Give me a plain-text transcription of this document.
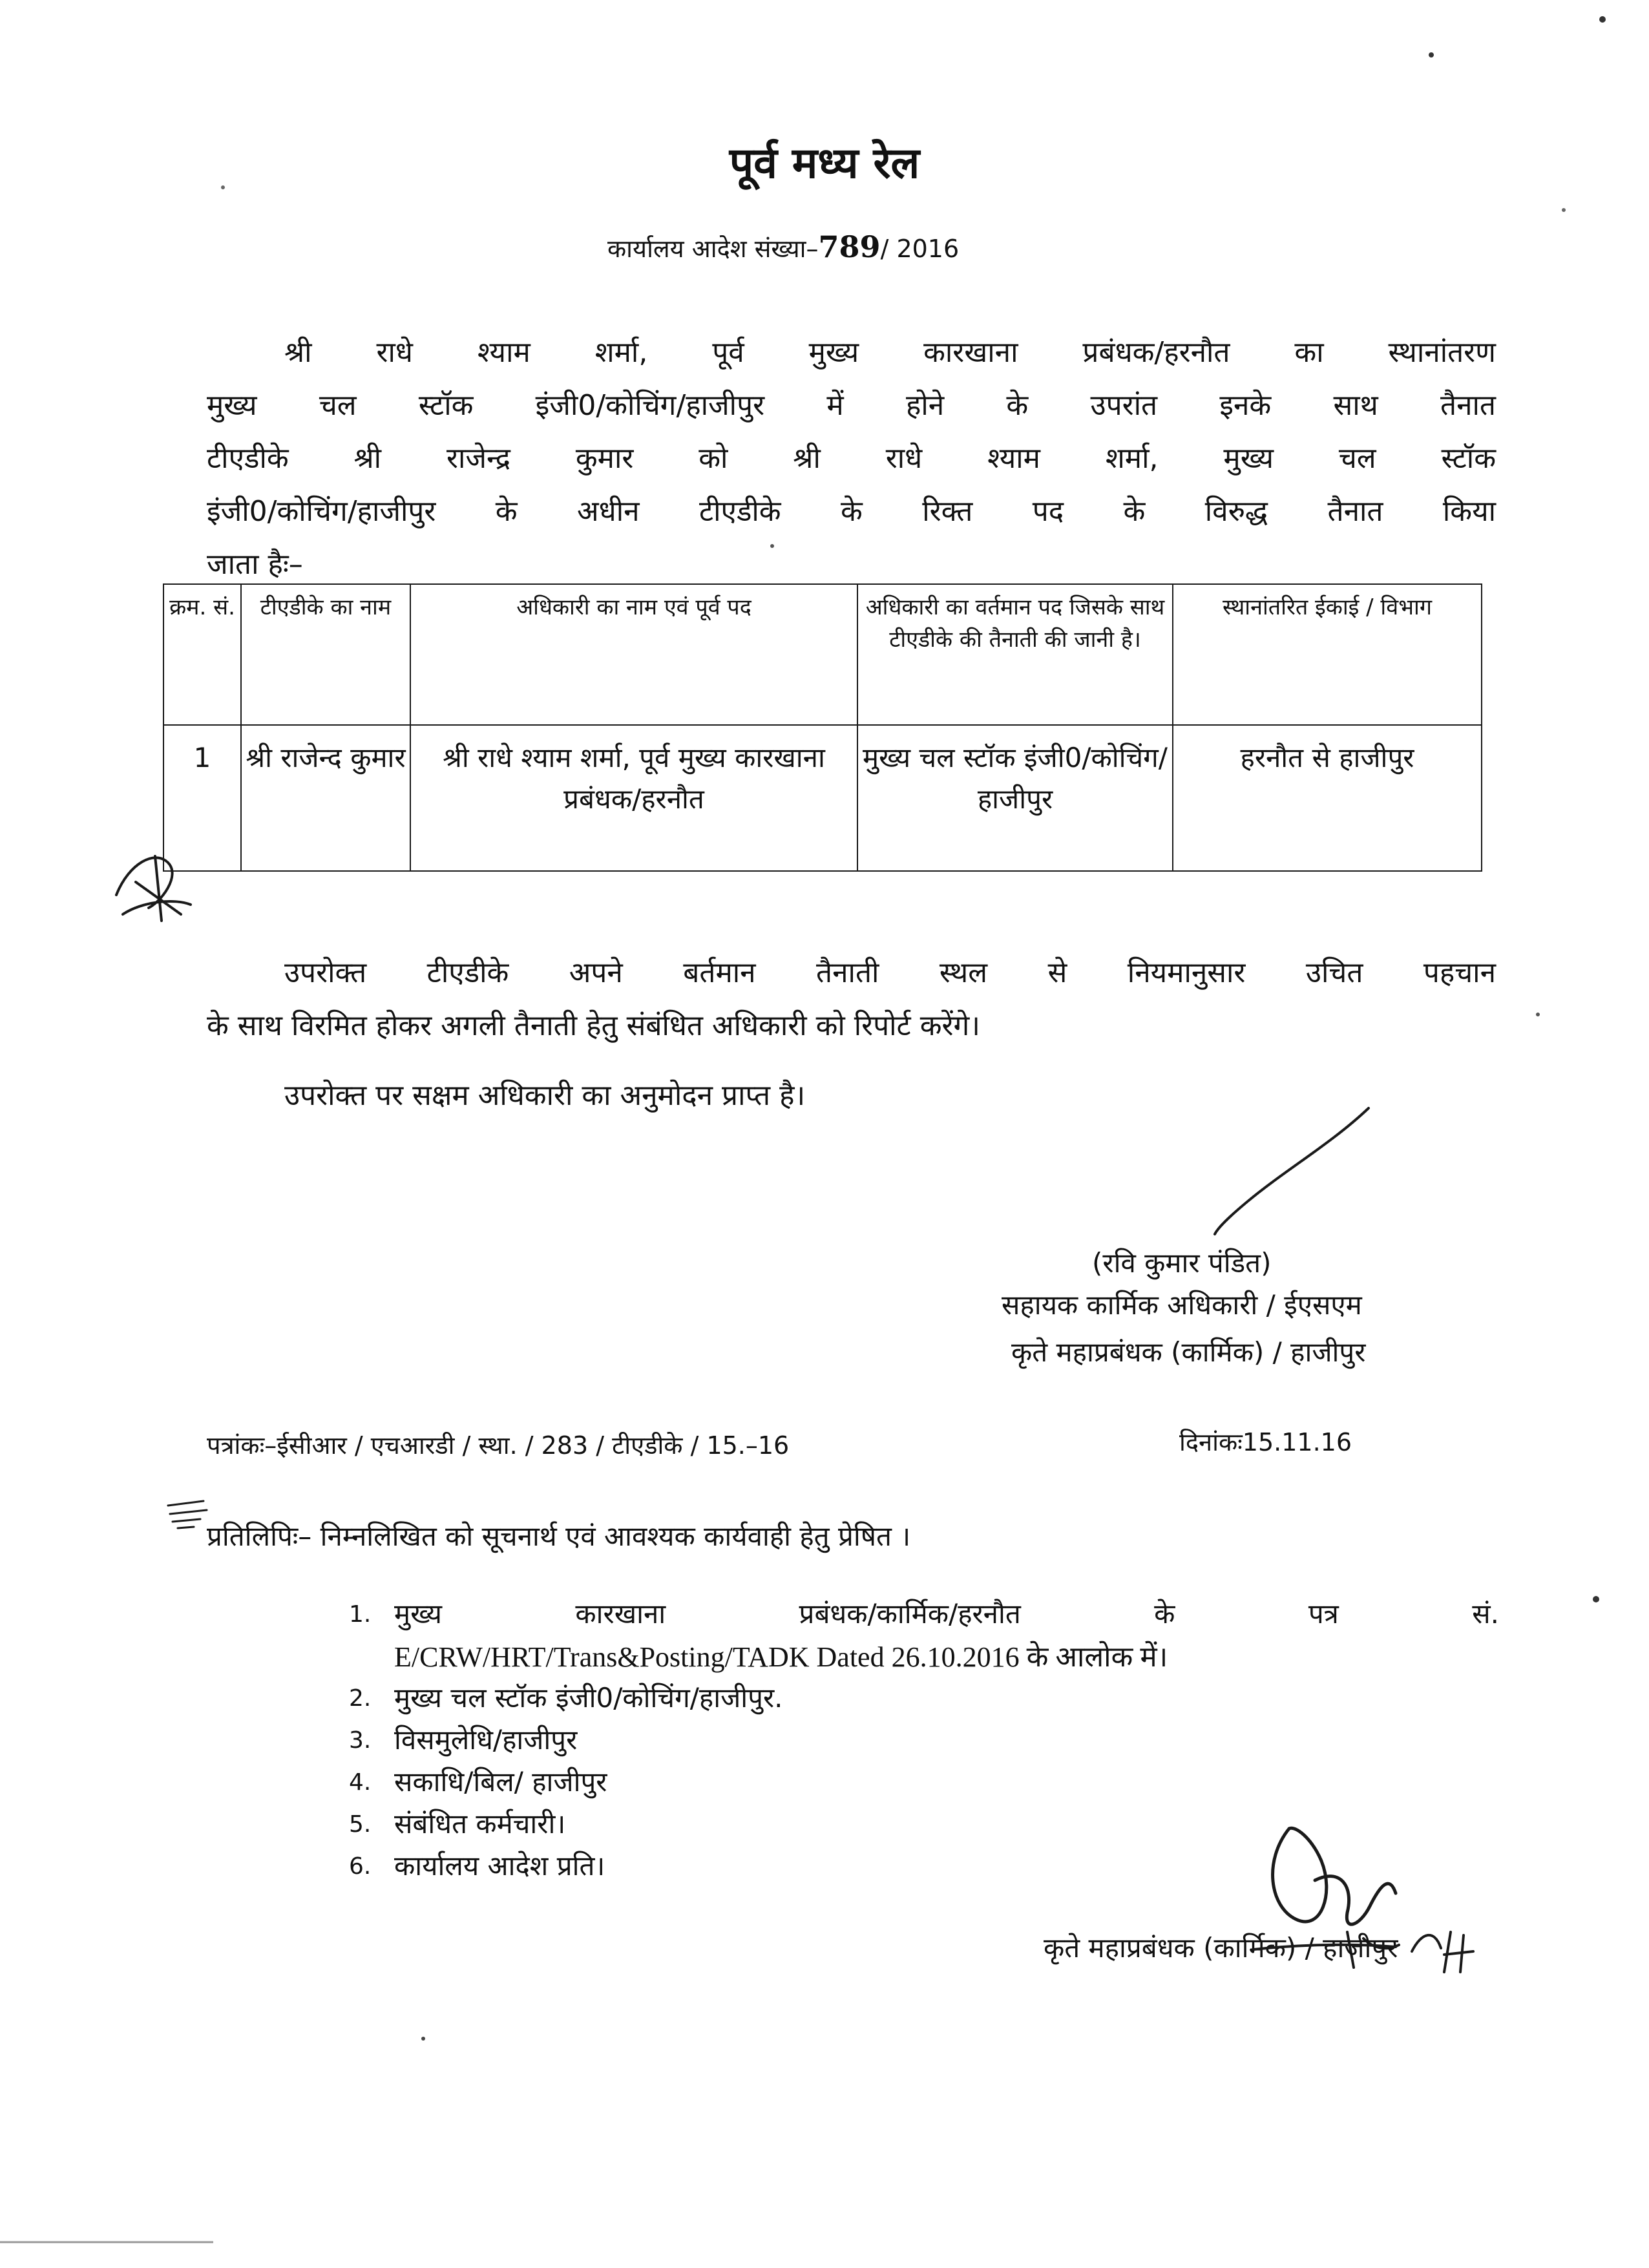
पूर्व मध्य रेल
कार्यालय आदेश संख्या–789/ 2016
श्री राधे श्याम शर्मा, पूर्व मुख्य कारखाना प्रबंधक/हरनौत का स्थानांतरण
मुख्य चल स्टॉक इंजी0/कोचिंग/हाजीपुर में होने के उपरांत इनके साथ तैनात
टीएडीके श्री राजेन्द्र कुमार को श्री राधे श्याम शर्मा, मुख्य चल स्टॉक
इंजी0/कोचिंग/हाजीपुर के अधीन टीएडीके के रिक्त पद के विरुद्ध तैनात किया
जाता हैः–
क्रम. सं.	टीएडीके का नाम	अधिकारी का नाम एवं पूर्व पद	अधिकारी का वर्तमान पद जिसके साथ टीएडीके की तैनाती की जानी है।	स्थानांतरित ईकाई / विभाग
1	श्री राजेन्द कुमार	श्री राधे श्याम शर्मा, पूर्व मुख्य कारखाना प्रबंधक/हरनौत	मुख्य चल स्टॉक इंजी0/कोचिंग/ हाजीपुर	हरनौत से हाजीपुर
उपरोक्त टीएडीके अपने बर्तमान तैनाती स्थल से नियमानुसार उचित पहचान
के साथ विरमित होकर अगली तैनाती हेतु संबंधित अधिकारी को रिपोर्ट करेंगे।
उपरोक्त पर सक्षम अधिकारी का अनुमोदन प्राप्त है।
(रवि कुमार पंडित)
सहायक कार्मिक अधिकारी / ईएसएम
कृते महाप्रबंधक (कार्मिक) / हाजीपुर
पत्रांकः–ईसीआर / एचआरडी / स्था. / 283 / टीएडीके / 15.–16	दिनांकः15.11.16
प्रतिलिपिः– निम्नलिखित को सूचनार्थ एवं आवश्यक कार्यवाही हेतु प्रेषित ।
1. मुख्य कारखाना प्रबंधक/कार्मिक/हरनौत के पत्र सं.
E/CRW/HRT/Trans&Posting/TADK Dated 26.10.2016 के आलोक में।
2. मुख्य चल स्टॉक इंजी0/कोचिंग/हाजीपुर.
3. विसमुलेधि/हाजीपुर
4. सकाधि/बिल/ हाजीपुर
5. संबंधित कर्मचारी।
6. कार्यालय आदेश प्रति।
कृते महाप्रबंधक (कार्मिक) / हाजीपुर
